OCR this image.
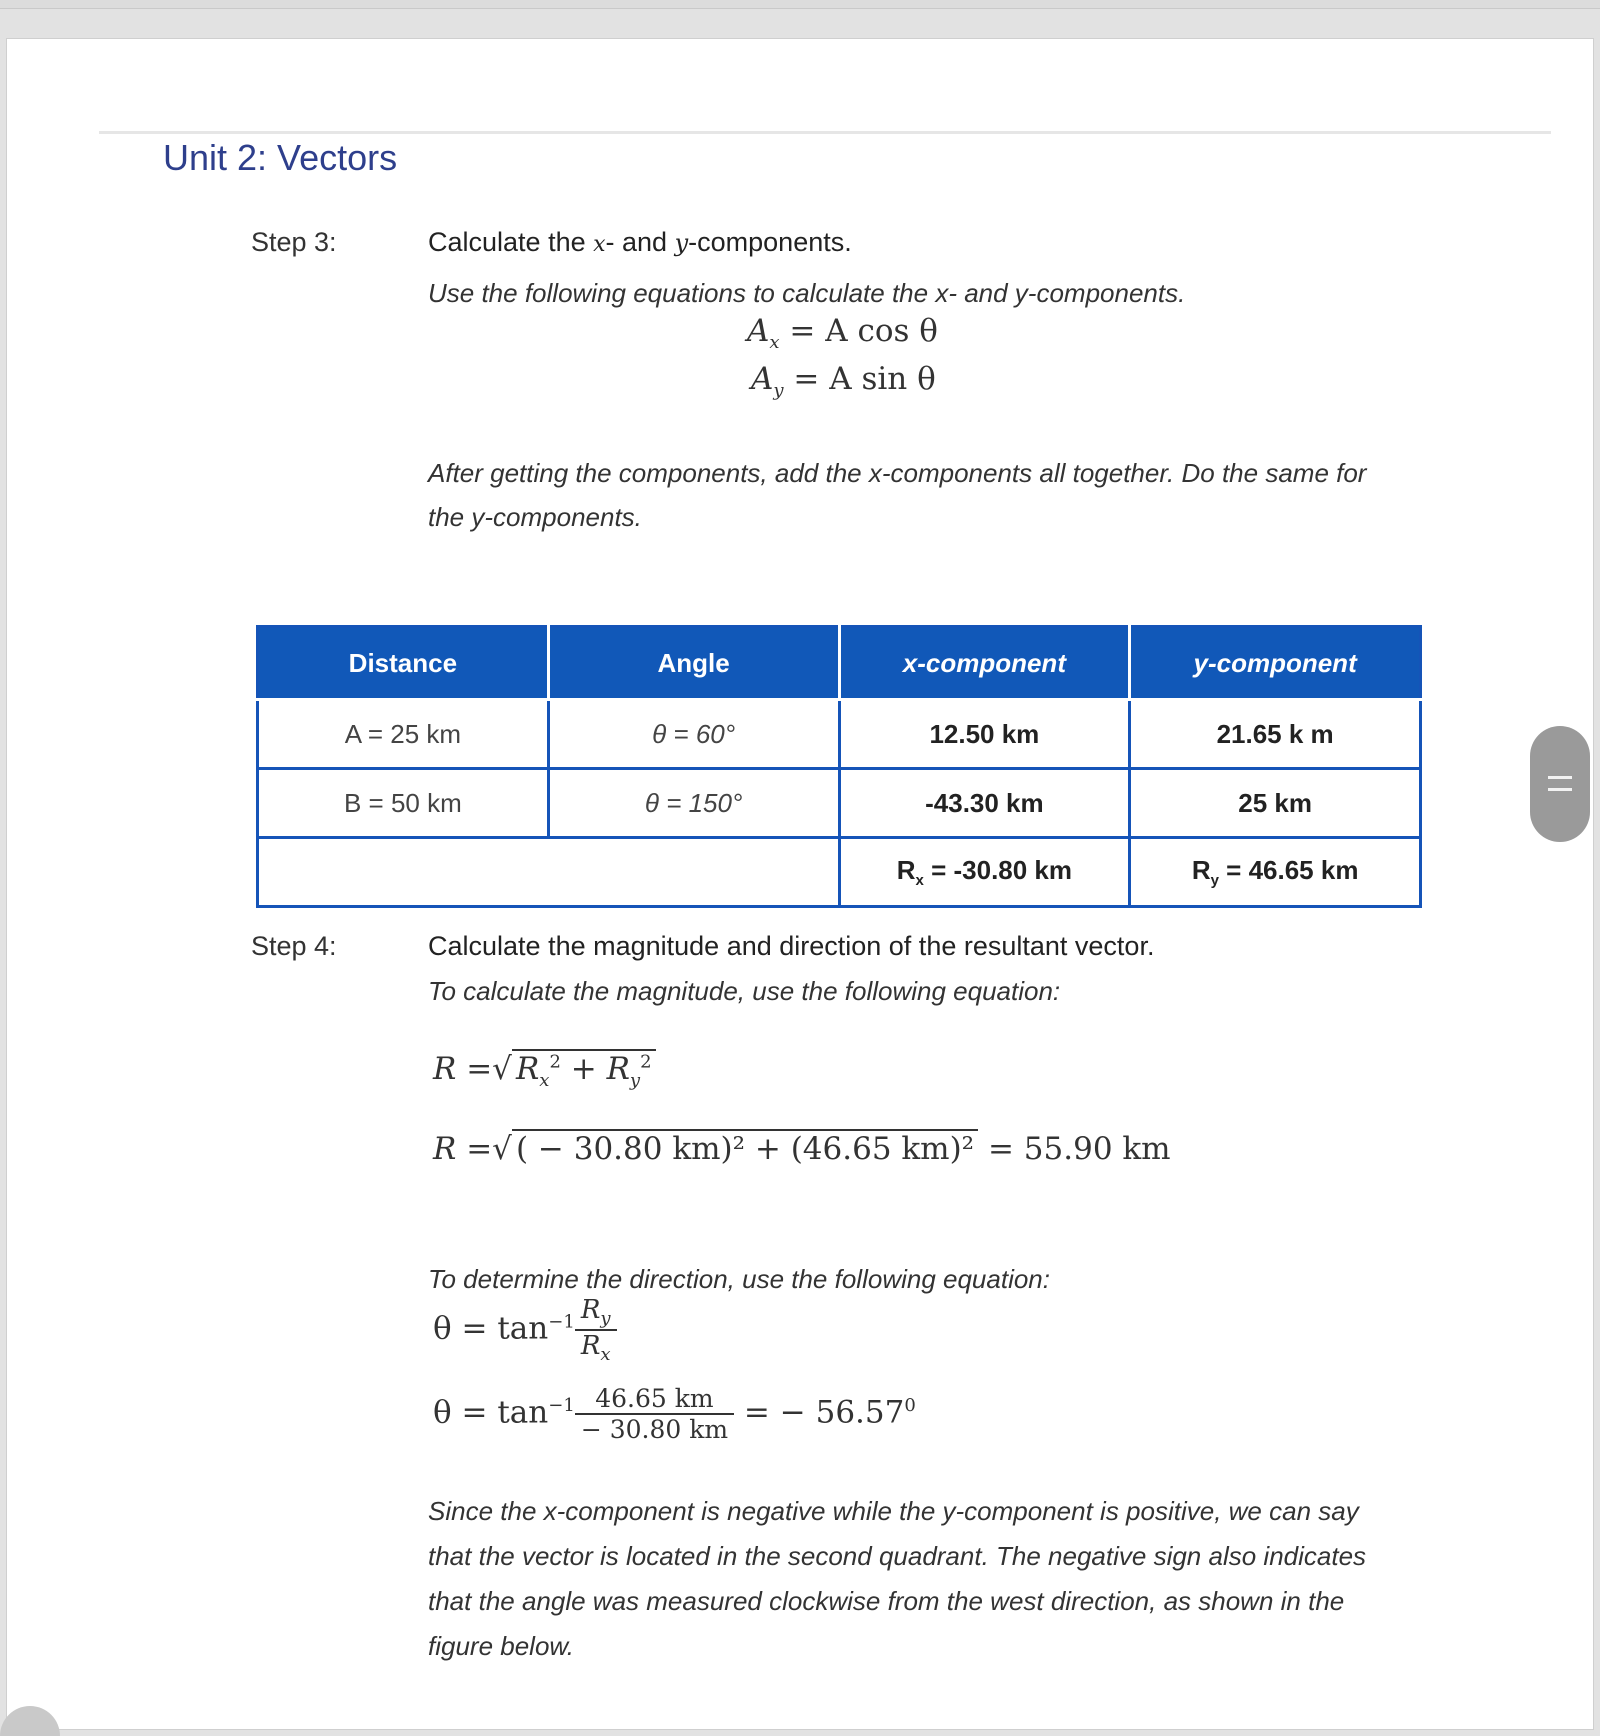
Unit 2: Vectors
Step 3:	Calculate the x- and y-components.
Use the following equations to calculate the x- and y-components.
$A_x = A$ cos θ
$A_y = A$ sin θ
After getting the components, add the x-components all together. Do the same for
the y-components.
Distance	Angle	x-component	y-component
A = 25 km	θ = 60°	12.50 km	21.65 k m
B = 50 km	θ = 150°	-43.30 km	25 km
		$R_x = -30.80$ km	$R_y = 46.65$ km
Step 4:	Calculate the magnitude and direction of the resultant vector.
To calculate the magnitude, use the following equation:
R =√ $R_x^2 + R_y^2$
R =√ ( − 30.80 km)² + (46.65 km)² = 55.90 km
To determine the direction, use the following equation:
$\theta = \tan^{-1} \frac{R_y}{R_x}$
$\theta = \tan^{-1} \frac{46.65 km}{- 30.80 km}$ = − $56.57^0$
Since the x-component is negative while the y-component is positive, we can say
that the vector is located in the second quadrant. The negative sign also indicates
that the angle was measured clockwise from the west direction, as shown in the
figure below.
